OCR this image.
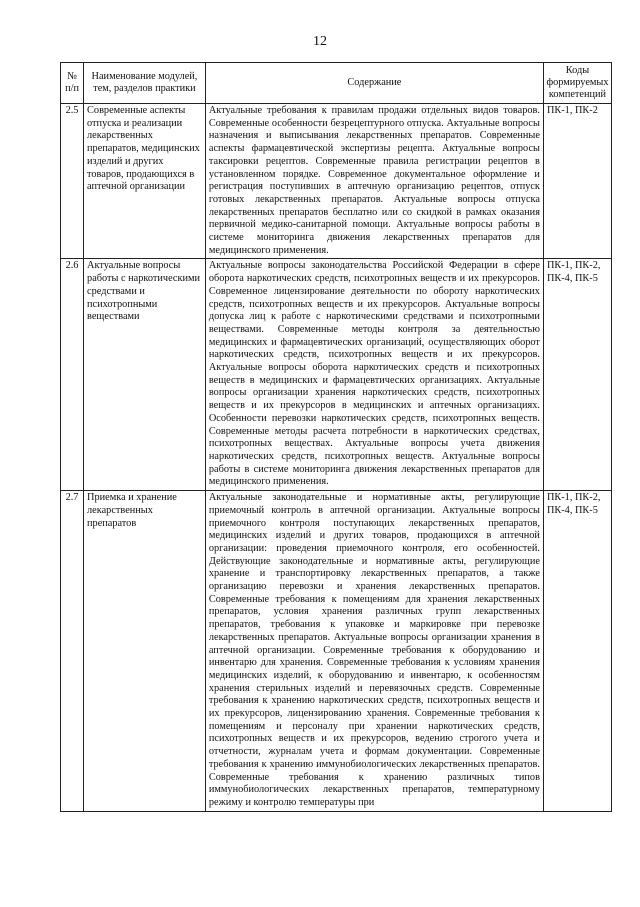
12
№ п/п	Наименование модулей, тем, разделов практики	Содержание	Коды формируемых компетенций
2.5	Современные аспекты отпуска и реализации лекарственных препаратов, медицинских изделий и других товаров, продающихся в аптечной организации	Актуальные требования к правилам продажи отдельных видов товаров. Современные особенности безрецептурного отпуска. Актуальные вопросы назначения и выписывания лекарственных препаратов. Современные аспекты фармацевтической экспертизы рецепта. Актуальные вопросы таксировки рецептов. Современные правила регистрации рецептов в установленном порядке. Современное документальное оформление и регистрация поступивших в аптечную организацию рецептов, отпуск готовых лекарственных препаратов. Актуальные вопросы отпуска лекарственных препаратов бесплатно или со скидкой в рамках оказания первичной медико-санитарной помощи. Актуальные вопросы работы в системе мониторинга движения лекарственных препаратов для медицинского применения.	ПК-1, ПК-2
2.6	Актуальные вопросы работы с наркотическими средствами и психотропными веществами	Актуальные вопросы законодательства Российской Федерации в сфере оборота наркотических средств, психотропных веществ и их прекурсоров. Современное лицензирование деятельности по обороту наркотических средств, психотропных веществ и их прекурсоров. Актуальные вопросы допуска лиц к работе с наркотическими средствами и психотропными веществами. Современные методы контроля за деятельностью медицинских и фармацевтических организаций, осуществляющих оборот наркотических средств, психотропных веществ и их прекурсоров. Актуальные вопросы оборота наркотических средств и психотропных веществ в медицинских и фармацевтических организациях. Актуальные вопросы организации хранения наркотических средств, психотропных веществ и их прекурсоров в медицинских и аптечных организациях. Особенности перевозки наркотических средств, психотропных веществ. Современные методы расчета потребности в наркотических средствах, психотропных веществах. Актуальные вопросы учета движения наркотических средств, психотропных веществ. Актуальные вопросы работы в системе мониторинга движения лекарственных препаратов для медицинского применения.	ПК-1, ПК-2, ПК-4, ПК-5
2.7	Приемка и хранение лекарственных препаратов	Актуальные законодательные и нормативные акты, регулирующие приемочный контроль в аптечной организации. Актуальные вопросы приемочного контроля поступающих лекарственных препаратов, медицинских изделий и других товаров, продающихся в аптечной организации: проведения приемочного контроля, его особенностей. Действующие законодательные и нормативные акты, регулирующие хранение и транспортировку лекарственных препаратов, а также организацию перевозки и хранения лекарственных препаратов. Современные требования к помещениям для хранения лекарственных препаратов, условия хранения различных групп лекарственных препаратов, требования к упаковке и маркировке при перевозке лекарственных препаратов. Актуальные вопросы организации хранения в аптечной организации. Современные требования к оборудованию и инвентарю для хранения. Современные требования к условиям хранения медицинских изделий, к оборудованию и инвентарю, к особенностям хранения стерильных изделий и перевязочных средств. Современные требования к хранению наркотических средств, психотропных веществ и их прекурсоров, лицензированию хранения. Современные требования к помещениям и персоналу при хранении наркотических средств, психотропных веществ и их прекурсоров, ведению строгого учета и отчетности, журналам учета и формам документации. Современные требования к хранению иммунобиологических лекарственных препаратов. Современные требования к хранению различных типов иммунобиологических лекарственных препаратов, температурному режиму и контролю температуры при	ПК-1, ПК-2, ПК-4, ПК-5
